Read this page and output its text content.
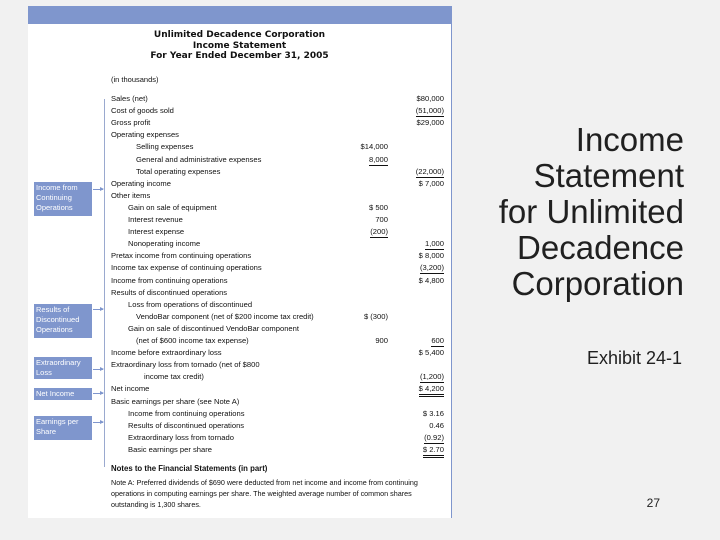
Unlimited Decadence Corporation
Income Statement
For Year Ended December 31, 2005
(in thousands)
Income from Continuing Operations
Results of Discontinued Operations
Extraordinary Loss
Net Income
Earnings per Share
Sales (net)	$80,000
Cost of goods sold	(51,000)
Gross profit	$29,000
Operating expenses
Selling expenses	$14,000
General and administrative expenses	8,000
Total operating expenses	(22,000)
Operating income	$ 7,000
Other items
Gain on sale of equipment	$ 500
Interest revenue	700
Interest expense	(200)
Nonoperating income	1,000
Pretax income from continuing operations	$ 8,000
Income tax expense of continuing operations	(3,200)
Income from continuing operations	$ 4,800
Results of discontinued operations
Loss from operations of discontinued
VendoBar component (net of $200 income tax credit)	$ (300)
Gain on sale of discontinued VendoBar component
(net of $600 income tax expense)	900	600
Income before extraordinary loss	$ 5,400
Extraordinary loss from tornado (net of $800
income tax credit)	(1,200)
Net income	$ 4,200
Basic earnings per share (see Note A)
Income from continuing operations	$ 3.16
Results of discontinued operations	0.46
Extraordinary loss from tornado	(0.92)
Basic earnings per share	$ 2.70
Notes to the Financial Statements (in part)
Note A: Preferred dividends of $690 were deducted from net income and income from continuing operations in computing earnings per share. The weighted average number of common shares outstanding is 1,300 shares.
Income
Statement
for Unlimited
Decadence
Corporation
Exhibit 24-1
27
